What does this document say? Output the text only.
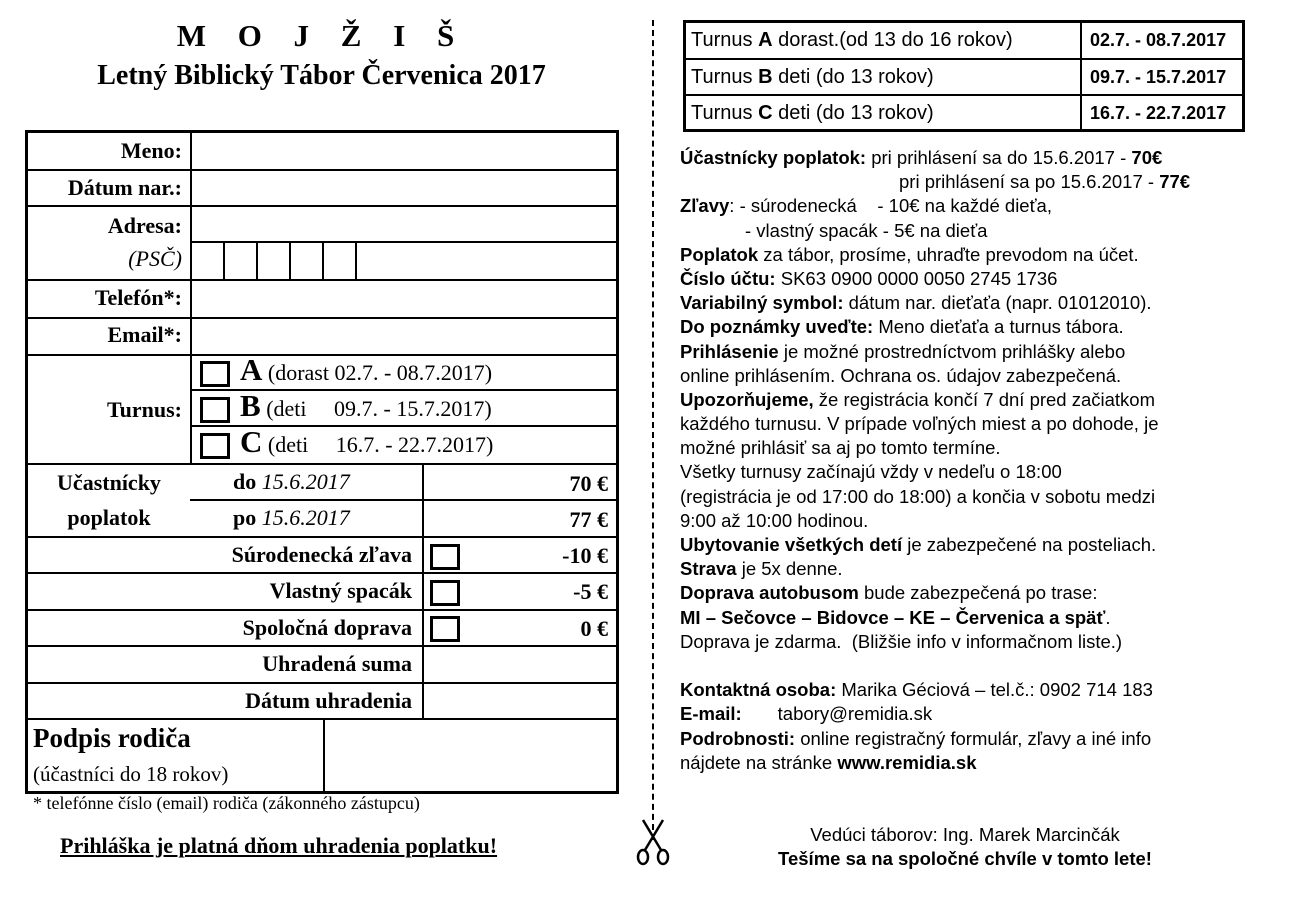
M O J Ž I Š
Letný Biblický Tábor Červenica 2017
Meno:
Dátum nar.:
Adresa:
(PSČ)
Telefón*:
Email*:
Turnus:
A (dorast 02.7. - 08.7.2017)
B (deti     09.7. - 15.7.2017)
C (deti     16.7. - 22.7.2017)
Učastnícky
poplatok
do 15.6.2017	70 €
po 15.6.2017	77 €
Súrodenecká zľava	-10 €
Vlastný spacák	-5 €
Spoločná doprava	0 €
Uhradená suma
Dátum uhradenia
Podpis rodiča
(účastníci do 18 rokov)
* telefónne číslo (email) rodiča (zákonného zástupcu)
Prihláška je platná dňom uhradenia poplatku!
Turnus A dorast.(od 13 do 16 rokov)	02.7. - 08.7.2017
Turnus B deti (do 13 rokov)	09.7. - 15.7.2017
Turnus C deti (do 13 rokov)	16.7. - 22.7.2017
Účastnícky poplatok: pri prihlásení sa do 15.6.2017 - 70€
pri prihlásení sa po 15.6.2017 - 77€
Zľavy: - súrodenecká    - 10€ na každé dieťa,
- vlastný spacák - 5€ na dieťa
Poplatok za tábor, prosíme, uhraďte prevodom na účet.
Číslo účtu: SK63 0900 0000 0050 2745 1736
Variabilný symbol: dátum nar. dieťaťa (napr. 01012010).
Do poznámky uveďte: Meno dieťaťa a turnus tábora.
Prihlásenie je možné prostredníctvom prihlášky alebo
online prihlásením. Ochrana os. údajov zabezpečená.
Upozorňujeme, že registrácia končí 7 dní pred začiatkom
každého turnusu. V prípade voľných miest a po dohode, je
možné prihlásiť sa aj po tomto termíne.
Všetky turnusy začínajú vždy v nedeľu o 18:00
(registrácia je od 17:00 do 18:00) a končia v sobotu medzi
9:00 až 10:00 hodinou.
Ubytovanie všetkých detí je zabezpečené na posteliach.
Strava je 5x denne.
Doprava autobusom bude zabezpečená po trase:
MI – Sečovce – Bidovce – KE – Červenica a späť.
Doprava je zdarma.  (Bližšie info v informačnom liste.)
Kontaktná osoba: Marika Géciová – tel.č.: 0902 714 183
E-mail:       tabory@remidia.sk
Podrobnosti: online registračný formulár, zľavy a iné info
nájdete na stránke www.remidia.sk
Vedúci táborov: Ing. Marek Marcinčák
Tešíme sa na spoločné chvíle v tomto lete!
